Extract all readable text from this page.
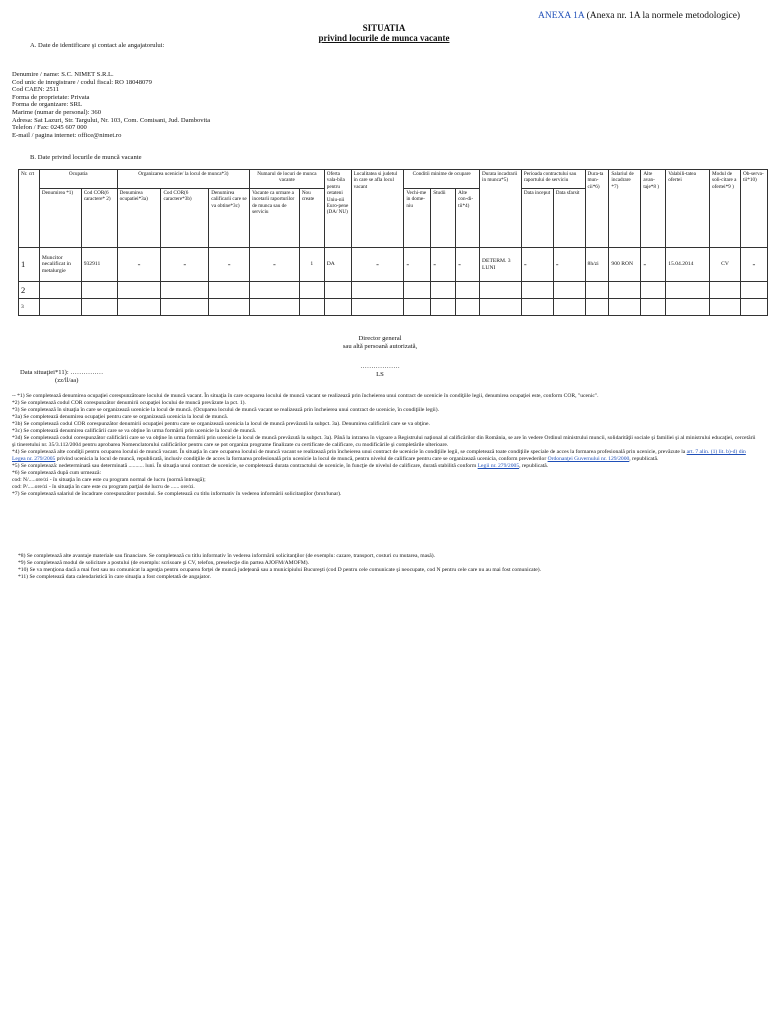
ANEXA 1A (Anexa nr. 1A la normele metodologice)
SITUATIA
privind locurile de munca vacante
A. Date de identificare şi contact ale angajatorului:
Denumire / name: S.C. NIMET S.R.L.
Cod unic de inregistrare / codul fiscal: RO 18048079
Cod CAEN: 2511
Forma de proprietate: Privata
Forma de organizare: SRL
Marime (numar de personal): 360
Adresa: Sat Lazuri, Str. Targului, Nr. 103, Com. Comisani, Jud. Dambovita
Telefon / Fax: 0245 607 000
E-mail / pagina internet: office@nimet.ro
B. Date privind locurile de muncă vacante
Nr. crt	Ocupatia		Organizarea ucenicie/ la locul de munca*3)			Numarul de locuri de munca vacante		Oferta vala-bila pentru cetateni Uniu-nii Euro-pene (DA/ NU)	Localitatea si judetul in care se afla locul vacant	Conditii minime de ocupare			Durata incadrarii in munca*5)	Perioada contractului sau raportului de serviciu		Dura-ta mun-cii*6)	Salariul de incadrare *7)	Alte avan-taje*8 )	Valabili-tatea ofertei	Modul de soli-citare a ofertei*9 )	Ob-serva-tii*10)
	Denumirea *1)	Cod COR(6 caractere* 2)	Denumirea ocupatiei*3a)	Cod COR(6 caractere*3b)	Denumirea calificarii care se va obtine*3c)	Vacante ca urmare a incetarii raporturilor de munca sau de serviciu	Nou create			Vechi-me in dome-niu	Studii	Alte con-di-tii*4)		Data inceput	Data sfarsit						
1	Muncitor necalificat in metalurgie	932911	-	-	-	-	1	DA	-	-	-	-	DETERM. 3 LUNI	-	-	8h/zi	900 RON	-	15.04.2014	CV	-
2																					
3																					
Director general
sau altă persoană autorizată,
………………
LS
Data situaţiei*11): ……………
(zz/ll/aa)

-- *1) Se completează denumirea ocupaţiei corespunzătoare locului de muncă vacant. În situaţia în care ocuparea locului de muncă vacant se realizează prin încheierea unui contract de ucenicie în condiţiile legii, denumirea ocupaţiei este, conform COR, "ucenic".

*2) Se completează codul COR corespunzător denumirii ocupaţiei locului de muncă prevăzute la pct. 1).

*3) Se completează în situaţia în care se organizează ucenicie la locul de muncă. (Ocuparea locului de muncă vacant se realizează prin încheierea unui contract de ucenicie, în condiţiile legii).

*3a) Se completează denumirea ocupaţiei pentru care se organizează ucenicia la locul de muncă.

*3b) Se completează codul COR corespunzător denumirii ocupaţiei pentru care se organizează ucenicia la locul de muncă prevăzută la subpct. 3a). Denumirea calificării care se va obţine.

*3c) Se completează denumirea calificării care se va obţine în urma formării prin ucenicie la locul de muncă.

*3d) Se completează codul corespunzător calificării care se va obţine în urma formării prin ucenicie la locul de muncă prevăzută la subpct. 3a). Până la intrarea în vigoare a Registrului naţional al calificărilor din România, se are în vedere Ordinul ministrului muncii, solidarităţii sociale şi familiei şi al ministrului educaţiei, cercetării şi tineretului nr. 35/3.112/2004 pentru aprobarea Nomenclatorului calificărilor pentru care se pot organiza programe finalizate cu certificate de calificare, cu modificările şi completările ulterioare.

*4) Se completează alte condiţii pentru ocuparea locului de muncă vacant. În situaţia în care ocuparea locului de muncă vacant se realizează prin încheierea unui contract de ucenicie în condiţiile legii, se completează toate condiţiile speciale de acces la formarea profesională prin ucenicie, prevăzute la art. 7 alin. (1) lit. b)-d) din Legea nr. 279/2005 privind ucenicia la locul de muncă, republicată, inclusiv condiţiile de acces la formarea profesională prin ucenicie la locul de muncă, pentru nivelul de calificare pentru care se organizează ucenicia, conform prevederilor Ordonanţei Guvernului nr. 129/2000, republicată.

*5) Se completează: nedeterminată sau determinată ........... luni. În situaţia unui contract de ucenicie, se completează durata contractului de ucenicie, în funcţie de nivelul de calificare, durată stabilită conform Legii nr. 279/2005, republicată.

*6) Se completează după cum urmează:

cod: N/.....ore/zi - în situaţia în care este cu program normal de lucru (normă întreagă);

cod: P/.....ore/zi - în situaţia în care este cu program parţial de lucru de ...... ore/zi.

*7) Se completează salariul de încadrare corespunzător postului. Se completează cu titlu informativ în vederea informării solicitanţilor (brut/lunar).

*8) Se completează alte avantaje materiale sau financiare. Se completează cu titlu informativ în vederea informării solicitanţilor (de exemplu: cazare, transport, costuri cu mutarea, masă).

*9) Se completează modul de solicitare a postului (de exemplu: scrisoare şi CV, telefon, preselecţie din partea AJOFM/AMOFM).

*10) Se va menţiona dacă a mai fost sau nu comunicat la agenţia pentru ocuparea forţei de muncă judeţeană sau a municipiului Bucureşti (cod D pentru cele comunicate şi neocupate, cod N pentru cele care nu au mai fost comunicate).

*11) Se completează data calendaristică în care situaţia a fost completată de angajator.
